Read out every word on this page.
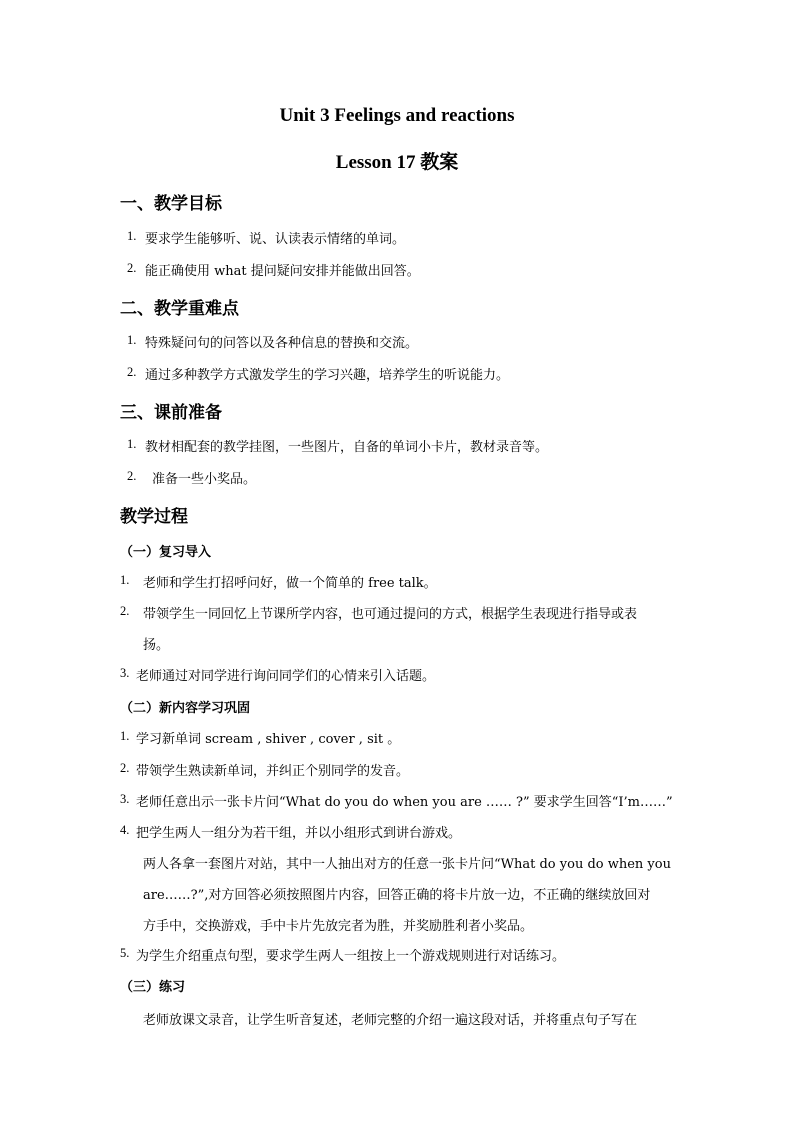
Unit 3 Feelings and reactions
Lesson 17 教案
一、教学目标
1. 要求学生能够听、说、认读表示情绪的单词。
2. 能正确使用 what 提问疑问安排并能做出回答。
二、教学重难点
1. 特殊疑问句的问答以及各种信息的替换和交流。
2. 通过多种教学方式激发学生的学习兴趣，培养学生的听说能力。
三、课前准备
1. 教材相配套的教学挂图，一些图片，自备的单词小卡片，教材录音等。
2. 准备一些小奖品。
教学过程
（一）复习导入
1. 老师和学生打招呼问好，做一个简单的 free talk。
2. 带领学生一同回忆上节课所学内容，也可通过提问的方式，根据学生表现进行指导或表
扬。
3. 老师通过对同学进行询问同学们的心情来引入话题。
（二）新内容学习巩固
1. 学习新单词 scream , shiver , cover , sit 。
2. 带领学生熟读新单词，并纠正个别同学的发音。
3. 老师任意出示一张卡片问“What do you do when you are …… ?” 要求学生回答“I’m……”
4. 把学生两人一组分为若干组，并以小组形式到讲台游戏。
两人各拿一套图片对站，其中一人抽出对方的任意一张卡片问“What do you do when you
are……?”,对方回答必须按照图片内容，回答正确的将卡片放一边，不正确的继续放回对
方手中，交换游戏，手中卡片先放完者为胜，并奖励胜利者小奖品。
5. 为学生介绍重点句型，要求学生两人一组按上一个游戏规则进行对话练习。
（三）练习
老师放课文录音，让学生听音复述，老师完整的介绍一遍这段对话，并将重点句子写在
